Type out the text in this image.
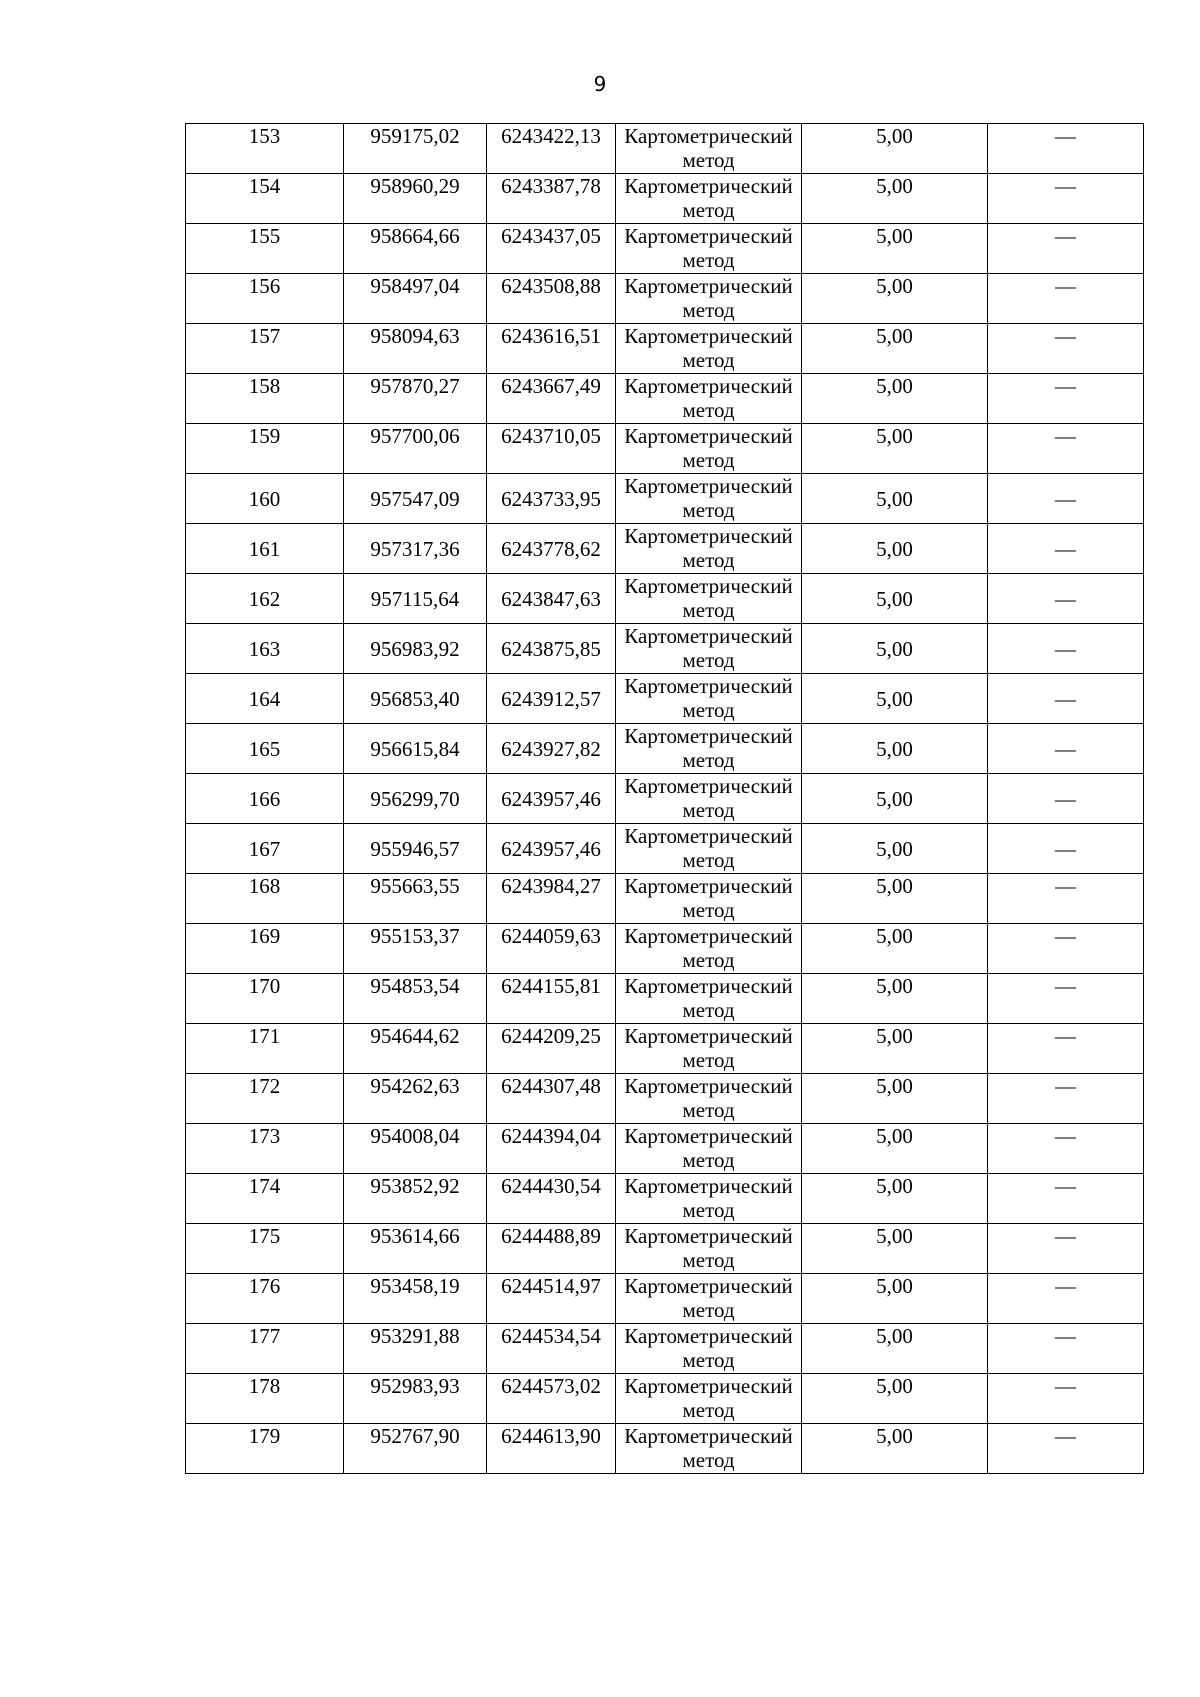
9
153	959175,02	6243422,13	Картометрический метод	5,00	—
154	958960,29	6243387,78	Картометрический метод	5,00	—
155	958664,66	6243437,05	Картометрический метод	5,00	—
156	958497,04	6243508,88	Картометрический метод	5,00	—
157	958094,63	6243616,51	Картометрический метод	5,00	—
158	957870,27	6243667,49	Картометрический метод	5,00	—
159	957700,06	6243710,05	Картометрический метод	5,00	—
160	957547,09	6243733,95	Картометрический метод	5,00	—
161	957317,36	6243778,62	Картометрический метод	5,00	—
162	957115,64	6243847,63	Картометрический метод	5,00	—
163	956983,92	6243875,85	Картометрический метод	5,00	—
164	956853,40	6243912,57	Картометрический метод	5,00	—
165	956615,84	6243927,82	Картометрический метод	5,00	—
166	956299,70	6243957,46	Картометрический метод	5,00	—
167	955946,57	6243957,46	Картометрический метод	5,00	—
168	955663,55	6243984,27	Картометрический метод	5,00	—
169	955153,37	6244059,63	Картометрический метод	5,00	—
170	954853,54	6244155,81	Картометрический метод	5,00	—
171	954644,62	6244209,25	Картометрический метод	5,00	—
172	954262,63	6244307,48	Картометрический метод	5,00	—
173	954008,04	6244394,04	Картометрический метод	5,00	—
174	953852,92	6244430,54	Картометрический метод	5,00	—
175	953614,66	6244488,89	Картометрический метод	5,00	—
176	953458,19	6244514,97	Картометрический метод	5,00	—
177	953291,88	6244534,54	Картометрический метод	5,00	—
178	952983,93	6244573,02	Картометрический метод	5,00	—
179	952767,90	6244613,90	Картометрический метод	5,00	—
